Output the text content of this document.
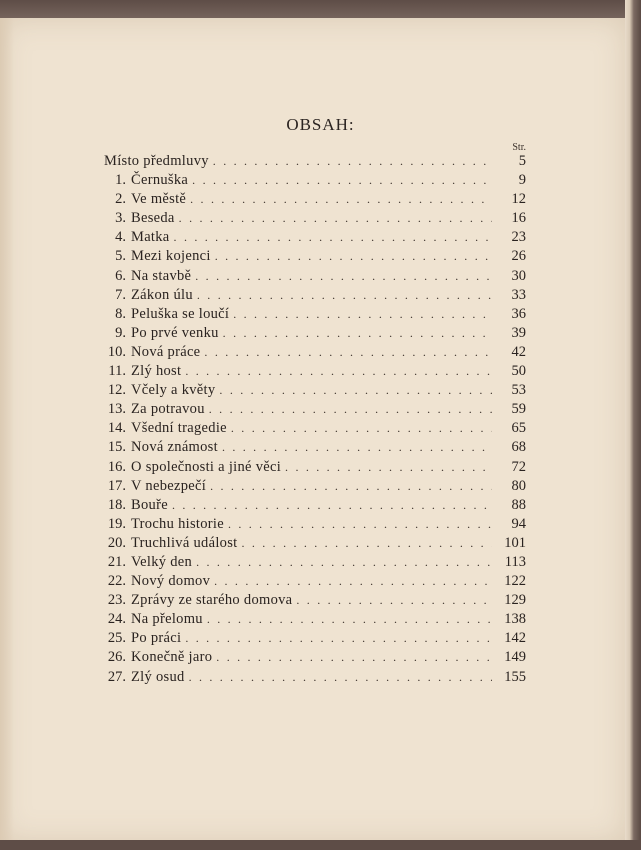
OBSAH:
Str.
Místo předmluvy . . .	5
1. Černuška . . .	9
2. Ve městě . . .	12
3. Beseda . . .	16
4. Matka . . .	23
5. Mezi kojenci . . .	26
6. Na stavbě . . .	30
7. Zákon úlu . . .	33
8. Peluška se loučí . . .	36
9. Po prvé venku . . .	39
10. Nová práce . . .	42
11. Zlý host . . .	50
12. Včely a květy . . .	53
13. Za potravou . . .	59
14. Všední tragedie . . .	65
15. Nová známost . . .	68
16. O společnosti a jiné věci . . .	72
17. V nebezpečí . . .	80
18. Bouře . . .	88
19. Trochu historie . . .	94
20. Truchlivá událost . . .	101
21. Velký den . . .	113
22. Nový domov . . .	122
23. Zprávy ze starého domova . . .	129
24. Na přelomu . . .	138
25. Po práci . . .	142
26. Konečně jaro . . .	149
27. Zlý osud . . .	155
